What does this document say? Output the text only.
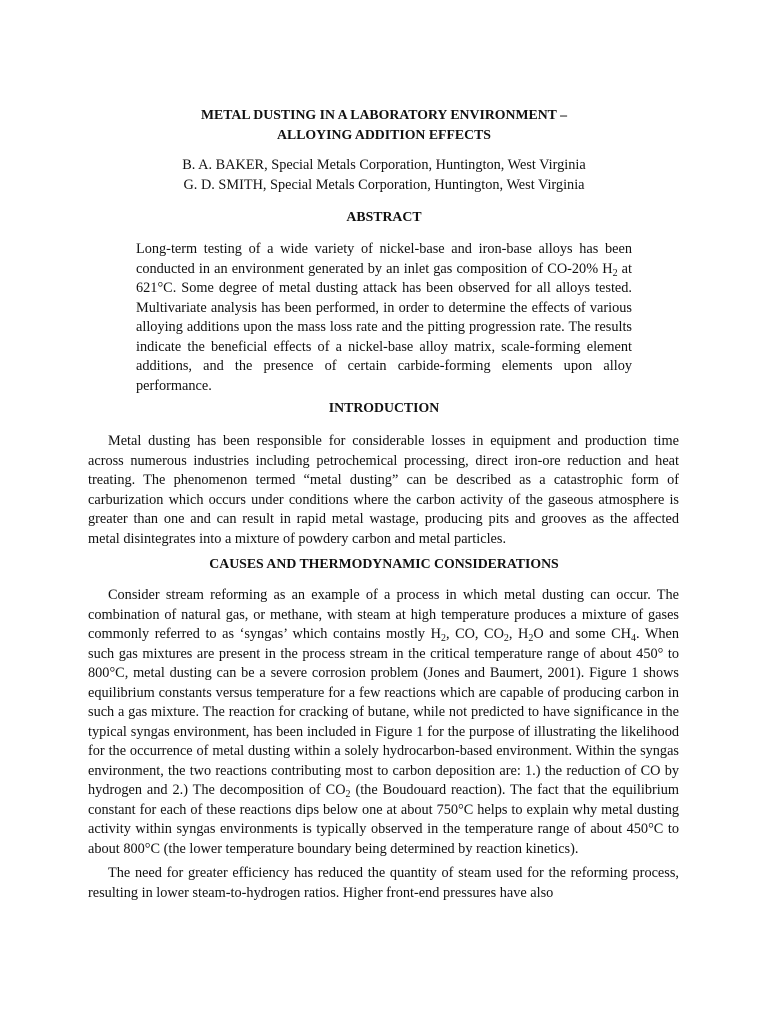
METAL DUSTING IN A LABORATORY ENVIRONMENT –
ALLOYING ADDITION EFFECTS
B. A. BAKER, Special Metals Corporation, Huntington, West Virginia
G. D. SMITH, Special Metals Corporation, Huntington, West Virginia
ABSTRACT
Long-term testing of a wide variety of nickel-base and iron-base alloys has been conducted in an environment generated by an inlet gas composition of CO-20% $H_2$ at 621°C. Some degree of metal dusting attack has been observed for all alloys tested. Multivariate analysis has been performed, in order to determine the effects of various alloying additions upon the mass loss rate and the pitting progression rate. The results indicate the beneficial effects of a nickel-base alloy matrix, scale-forming element additions, and the presence of certain carbide-forming elements upon alloy performance.
INTRODUCTION

Metal dusting has been responsible for considerable losses in equipment and production time across numerous industries including petrochemical processing, direct iron-ore reduction and heat treating. The phenomenon termed “metal dusting” can be described as a catastrophic form of carburization which occurs under conditions where the carbon activity of the gaseous atmosphere is greater than one and can result in rapid metal wastage, producing pits and grooves as the affected metal disintegrates into a mixture of powdery carbon and metal particles.

CAUSES AND THERMODYNAMIC CONSIDERATIONS

Consider stream reforming as an example of a process in which metal dusting can occur. The combination of natural gas, or methane, with steam at high temperature produces a mixture of gases commonly referred to as ‘syngas’ which contains mostly $H_2$, CO, $CO_2$, $H_2O$ and some $CH_4$. When such gas mixtures are present in the process stream in the critical temperature range of about 450° to 800°C, metal dusting can be a severe corrosion problem (Jones and Baumert, 2001). Figure 1 shows equilibrium constants versus temperature for a few reactions which are capable of producing carbon in such a gas mixture. The reaction for cracking of butane, while not predicted to have significance in the typical syngas environment, has been included in Figure 1 for the purpose of illustrating the likelihood for the occurrence of metal dusting within a solely hydrocarbon-based environment. Within the syngas environment, the two reactions contributing most to carbon deposition are: 1.) the reduction of CO by hydrogen and 2.) The decomposition of $CO_2$ (the Boudouard reaction). The fact that the equilibrium constant for each of these reactions dips below one at about 750°C helps to explain why metal dusting activity within syngas environments is typically observed in the temperature range of about 450°C to about 800°C (the lower temperature boundary being determined by reaction kinetics).

The need for greater efficiency has reduced the quantity of steam used for the reforming process, resulting in lower steam-to-hydrogen ratios. Higher front-end pressures have also
